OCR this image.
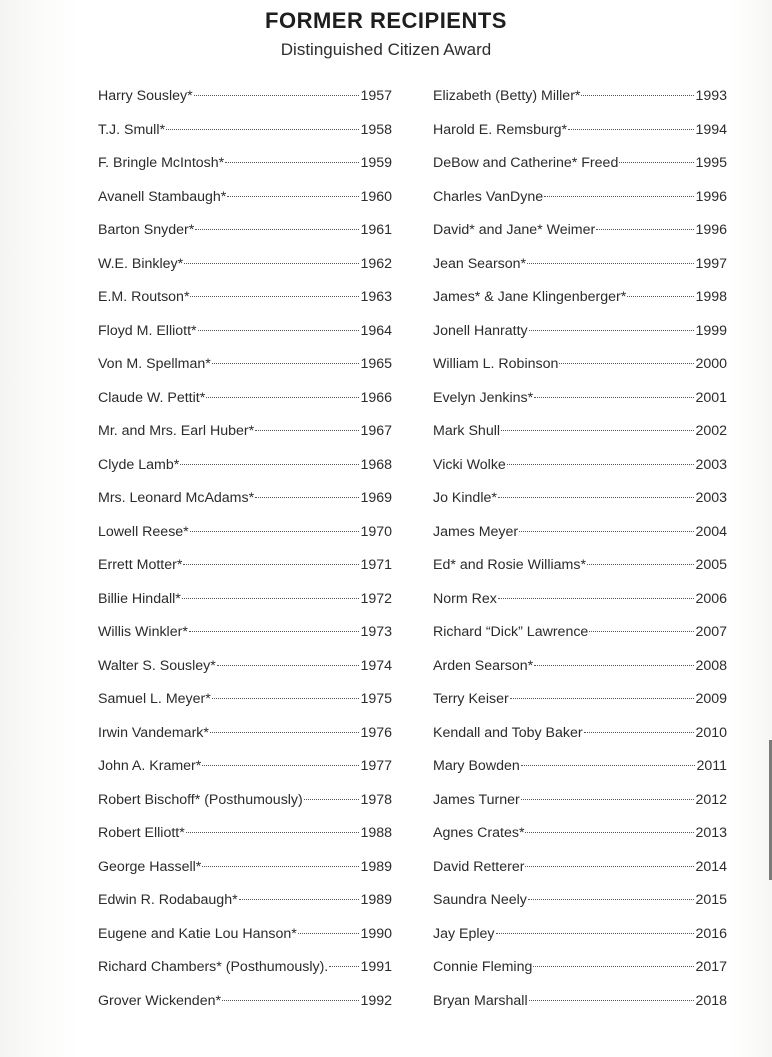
FORMER RECIPIENTS
Distinguished Citizen Award
Harry Sousley*	1957
T.J. Smull*	1958
F. Bringle McIntosh*	1959
Avanell Stambaugh*	1960
Barton Snyder*	1961
W.E. Binkley*	1962
E.M. Routson*	1963
Floyd M. Elliott*	1964
Von M. Spellman*	1965
Claude W. Pettit*	1966
Mr. and Mrs. Earl Huber*	1967
Clyde Lamb*	1968
Mrs. Leonard McAdams*	1969
Lowell Reese*	1970
Errett Motter*	1971
Billie Hindall*	1972
Willis Winkler*	1973
Walter S. Sousley*	1974
Samuel L. Meyer*	1975
Irwin Vandemark*	1976
John A. Kramer*	1977
Robert Bischoff* (Posthumously)	1978
Robert Elliott*	1988
George Hassell*	1989
Edwin R. Rodabaugh*	1989
Eugene and Katie Lou Hanson*	1990
Richard Chambers* (Posthumously). 1991
Grover Wickenden*	1992
Elizabeth (Betty) Miller*	1993
Harold E. Remsburg*	1994
DeBow and Catherine* Freed	1995
Charles VanDyne	1996
David* and Jane* Weimer	1996
Jean Searson*	1997
James* & Jane Klingenberger*	1998
Jonell Hanratty	1999
William L. Robinson	2000
Evelyn Jenkins*	2001
Mark Shull	2002
Vicki Wolke	2003
Jo Kindle*	2003
James Meyer	2004
Ed* and Rosie Williams*	2005
Norm Rex	2006
Richard “Dick” Lawrence	2007
Arden Searson*	2008
Terry Keiser	2009
Kendall and Toby Baker	2010
Mary Bowden	2011
James Turner	2012
Agnes Crates*	2013
David Retterer	2014
Saundra Neely	2015
Jay Epley	2016
Connie Fleming	2017
Bryan Marshall	2018
